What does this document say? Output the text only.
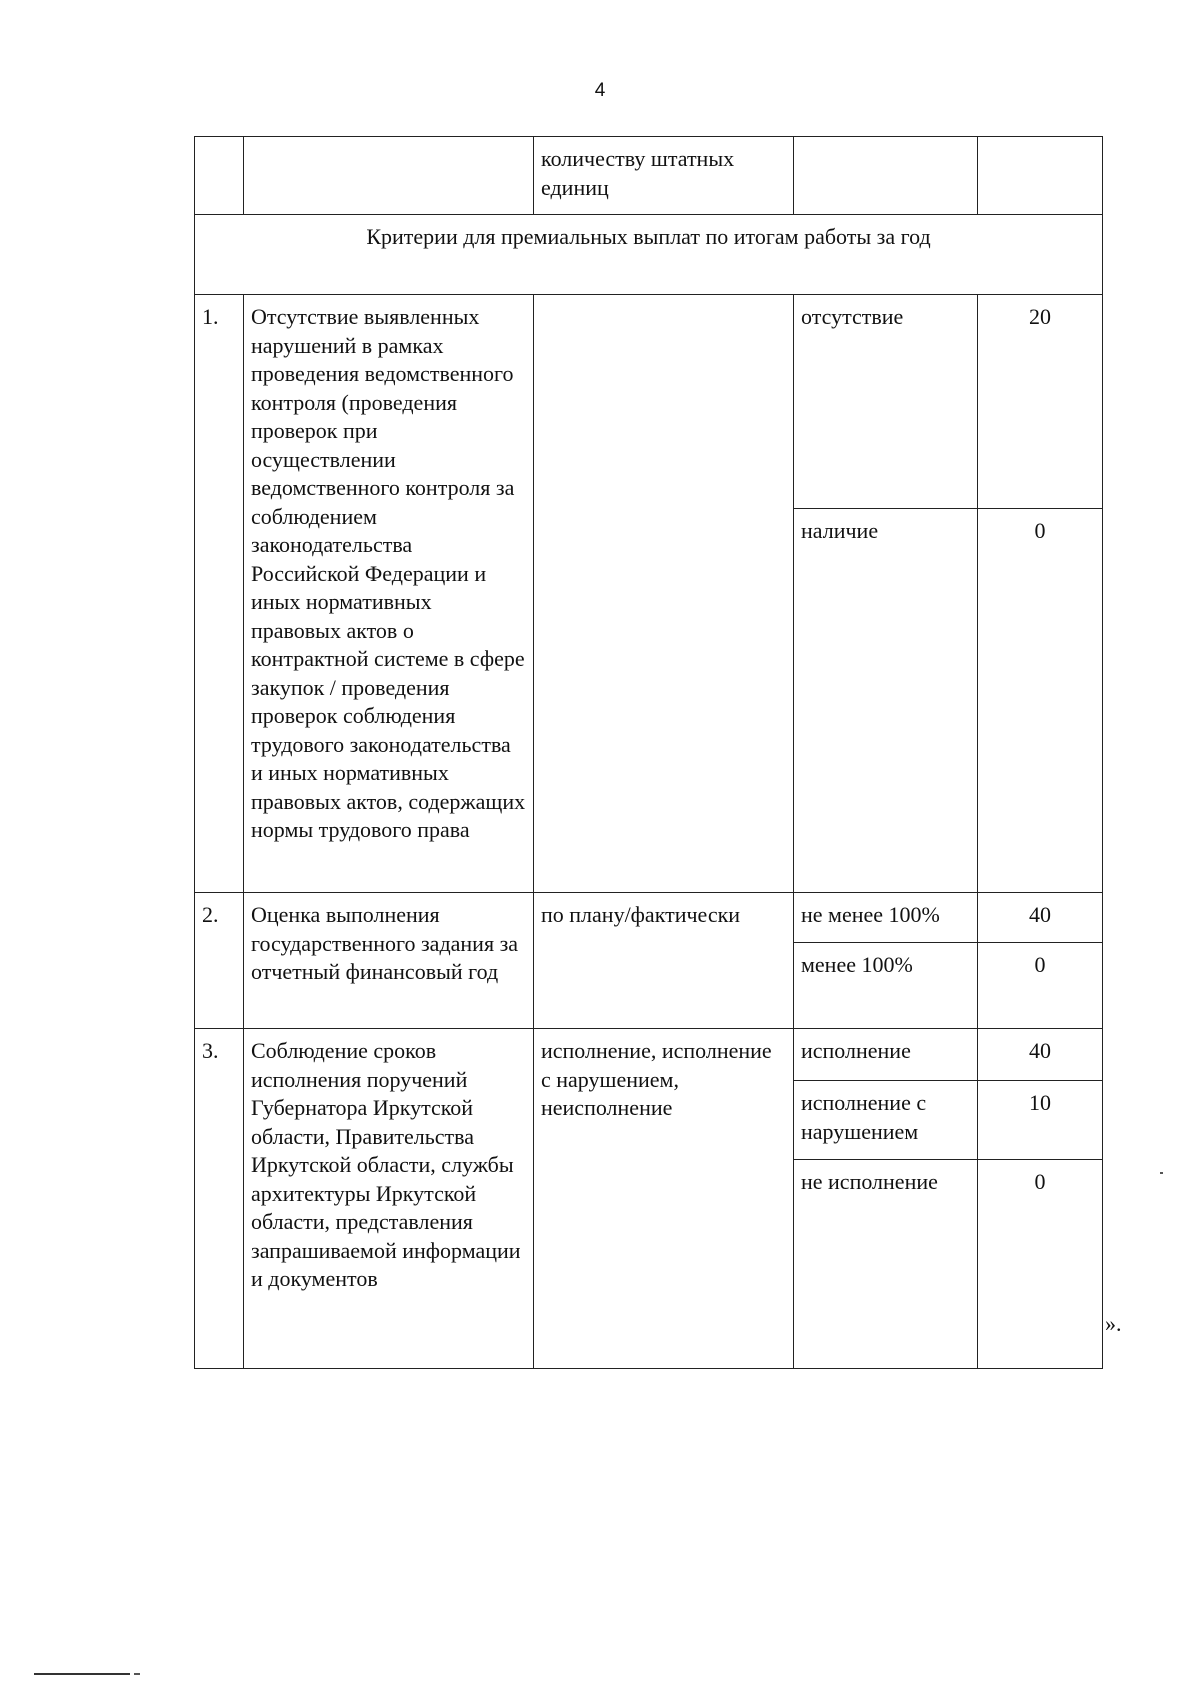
4
		количеству штатных единиц		
Критерии для премиальных выплат по итогам работы за год				
1.	Отсутствие выявленных нарушений в рамках проведения ведомственного контроля (проведения проверок при осуществлении ведомственного контроля за соблюдением законодательства Российской Федерации и иных нормативных правовых актов о контрактной системе в сфере закупок / проведения проверок соблюдения трудового законодательства и иных нормативных правовых актов, содержащих нормы трудового права		отсутствие	20
			наличие	0
2.	Оценка выполнения государственного задания за отчетный финансовый год	по плану/фактически	не менее 100%	40
			менее 100%	0
3.	Соблюдение сроков исполнения поручений Губернатора Иркутской области, Правительства Иркутской области, службы архитектуры Иркутской области, представления запрашиваемой информации и документов	исполнение, исполнение с нарушением, неисполнение	исполнение	40
			исполнение с нарушением	10
			не исполнение	0
».
